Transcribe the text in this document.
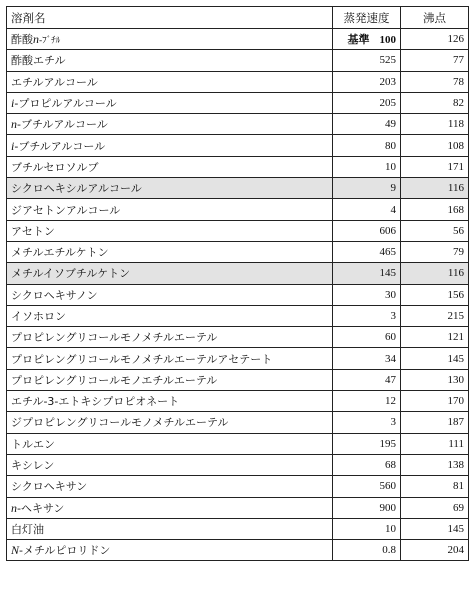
溶剤名	蒸発速度	沸点
酢酸n-ﾌﾞﾁﾙ	基準 100	126
酢酸エチル	525	77
エチルアルコール	203	78
i-プロピルアルコール	205	82
n-ブチルアルコール	49	118
i-ブチルアルコール	80	108
ブチルセロソルブ	10	171
シクロヘキシルアルコール	9	116
ジアセトンアルコール	4	168
アセトン	606	56
メチルエチルケトン	465	79
メチルイソブチルケトン	145	116
シクロヘキサノン	30	156
イソホロン	3	215
プロピレングリコールモノメチルエーテル	60	121
プロピレングリコールモノメチルエーテルアセテート	34	145
プロピレングリコールモノエチルエーテル	47	130
エチル-3-エトキシプロピオネート	12	170
ジプロピレングリコールモノメチルエーテル	3	187
トルエン	195	111
キシレン	68	138
シクロヘキサン	560	81
n-ヘキサン	900	69
白灯油	10	145
N-メチルピロリドン	0.8	204
